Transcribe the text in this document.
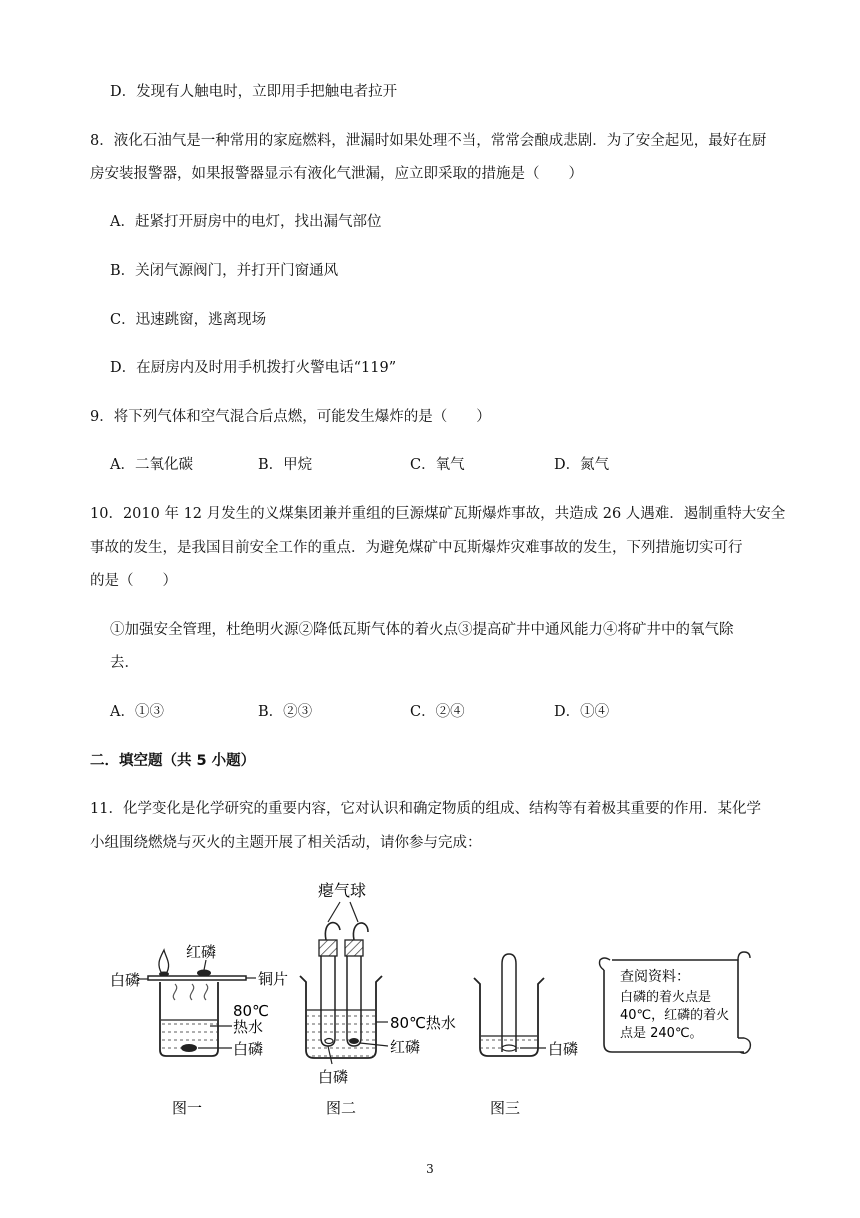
D．发现有人触电时，立即用手把触电者拉开
8．液化石油气是一种常用的家庭燃料，泄漏时如果处理不当，常常会酿成悲剧．为了安全起见，最好在厨
房安装报警器，如果报警器显示有液化气泄漏，应立即采取的措施是（　　）
A．赶紧打开厨房中的电灯，找出漏气部位
B．关闭气源阀门，并打开门窗通风
C．迅速跳窗，逃离现场
D．在厨房内及时用手机拨打火警电话“119”
9．将下列气体和空气混合后点燃，可能发生爆炸的是（　　）
A．二氧化碳	B．甲烷	C．氧气	D．氮气
10．2010 年 12 月发生的义煤集团兼并重组的巨源煤矿瓦斯爆炸事故，共造成 26 人遇难．遏制重特大安全
事故的发生，是我国目前安全工作的重点．为避免煤矿中瓦斯爆炸灾难事故的发生，下列措施切实可行
的是（　　）
①加强安全管理，杜绝明火源②降低瓦斯气体的着火点③提高矿井中通风能力④将矿井中的氧气除
去．
A．①③	B．②③	C．②④	D．①④
二．填空题（共 5 小题）
11．化学变化是化学研究的重要内容，它对认识和确定物质的组成、结构等有着极其重要的作用．某化学
小组围绕燃烧与灭火的主题开展了相关活动，请你参与完成：
白磷
红磷
铜片
80℃
热水
白磷
图一
瘪气球
80℃热水
红磷
白磷
图二
白磷
图三
查阅资料：
白磷的着火点是
40℃，红磷的着火
点是 240℃。
3
